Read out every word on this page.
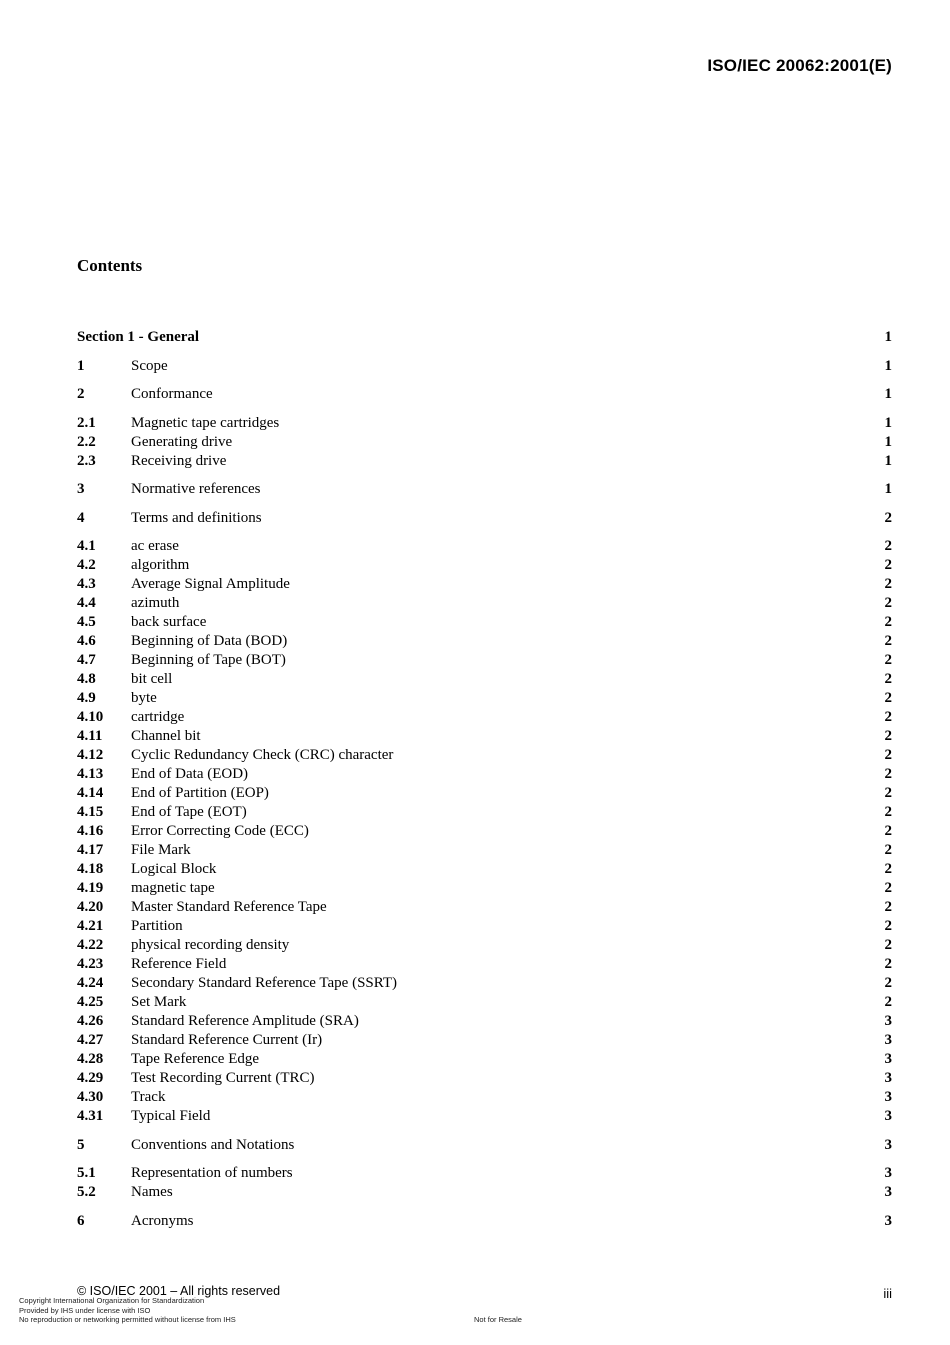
ISO/IEC 20062:2001(E)
Contents
Section 1 - General	1
1	Scope	1
2	Conformance	1
2.1	Magnetic tape cartridges	1
2.2	Generating drive	1
2.3	Receiving drive	1
3	Normative references	1
4	Terms and definitions	2
4.1	ac erase	2
4.2	algorithm	2
4.3	Average Signal Amplitude	2
4.4	azimuth	2
4.5	back surface	2
4.6	Beginning of Data (BOD)	2
4.7	Beginning of Tape (BOT)	2
4.8	bit cell	2
4.9	byte	2
4.10	cartridge	2
4.11	Channel bit	2
4.12	Cyclic Redundancy Check (CRC) character	2
4.13	End of Data (EOD)	2
4.14	End of Partition (EOP)	2
4.15	End of Tape (EOT)	2
4.16	Error Correcting Code (ECC)	2
4.17	File Mark	2
4.18	Logical Block	2
4.19	magnetic tape	2
4.20	Master Standard Reference Tape	2
4.21	Partition	2
4.22	physical recording density	2
4.23	Reference Field	2
4.24	Secondary Standard Reference Tape (SSRT)	2
4.25	Set Mark	2
4.26	Standard Reference Amplitude (SRA)	3
4.27	Standard Reference Current (Ir)	3
4.28	Tape Reference Edge	3
4.29	Test Recording Current (TRC)	3
4.30	Track	3
4.31	Typical Field	3
5	Conventions and Notations	3
5.1	Representation of numbers	3
5.2	Names	3
6	Acronyms	3
© ISO/IEC 2001 – All rights reserved	iii
Copyright International Organization for Standardization
Provided by IHS under license with ISO
No reproduction or networking permitted without license from IHS	Not for Resale
